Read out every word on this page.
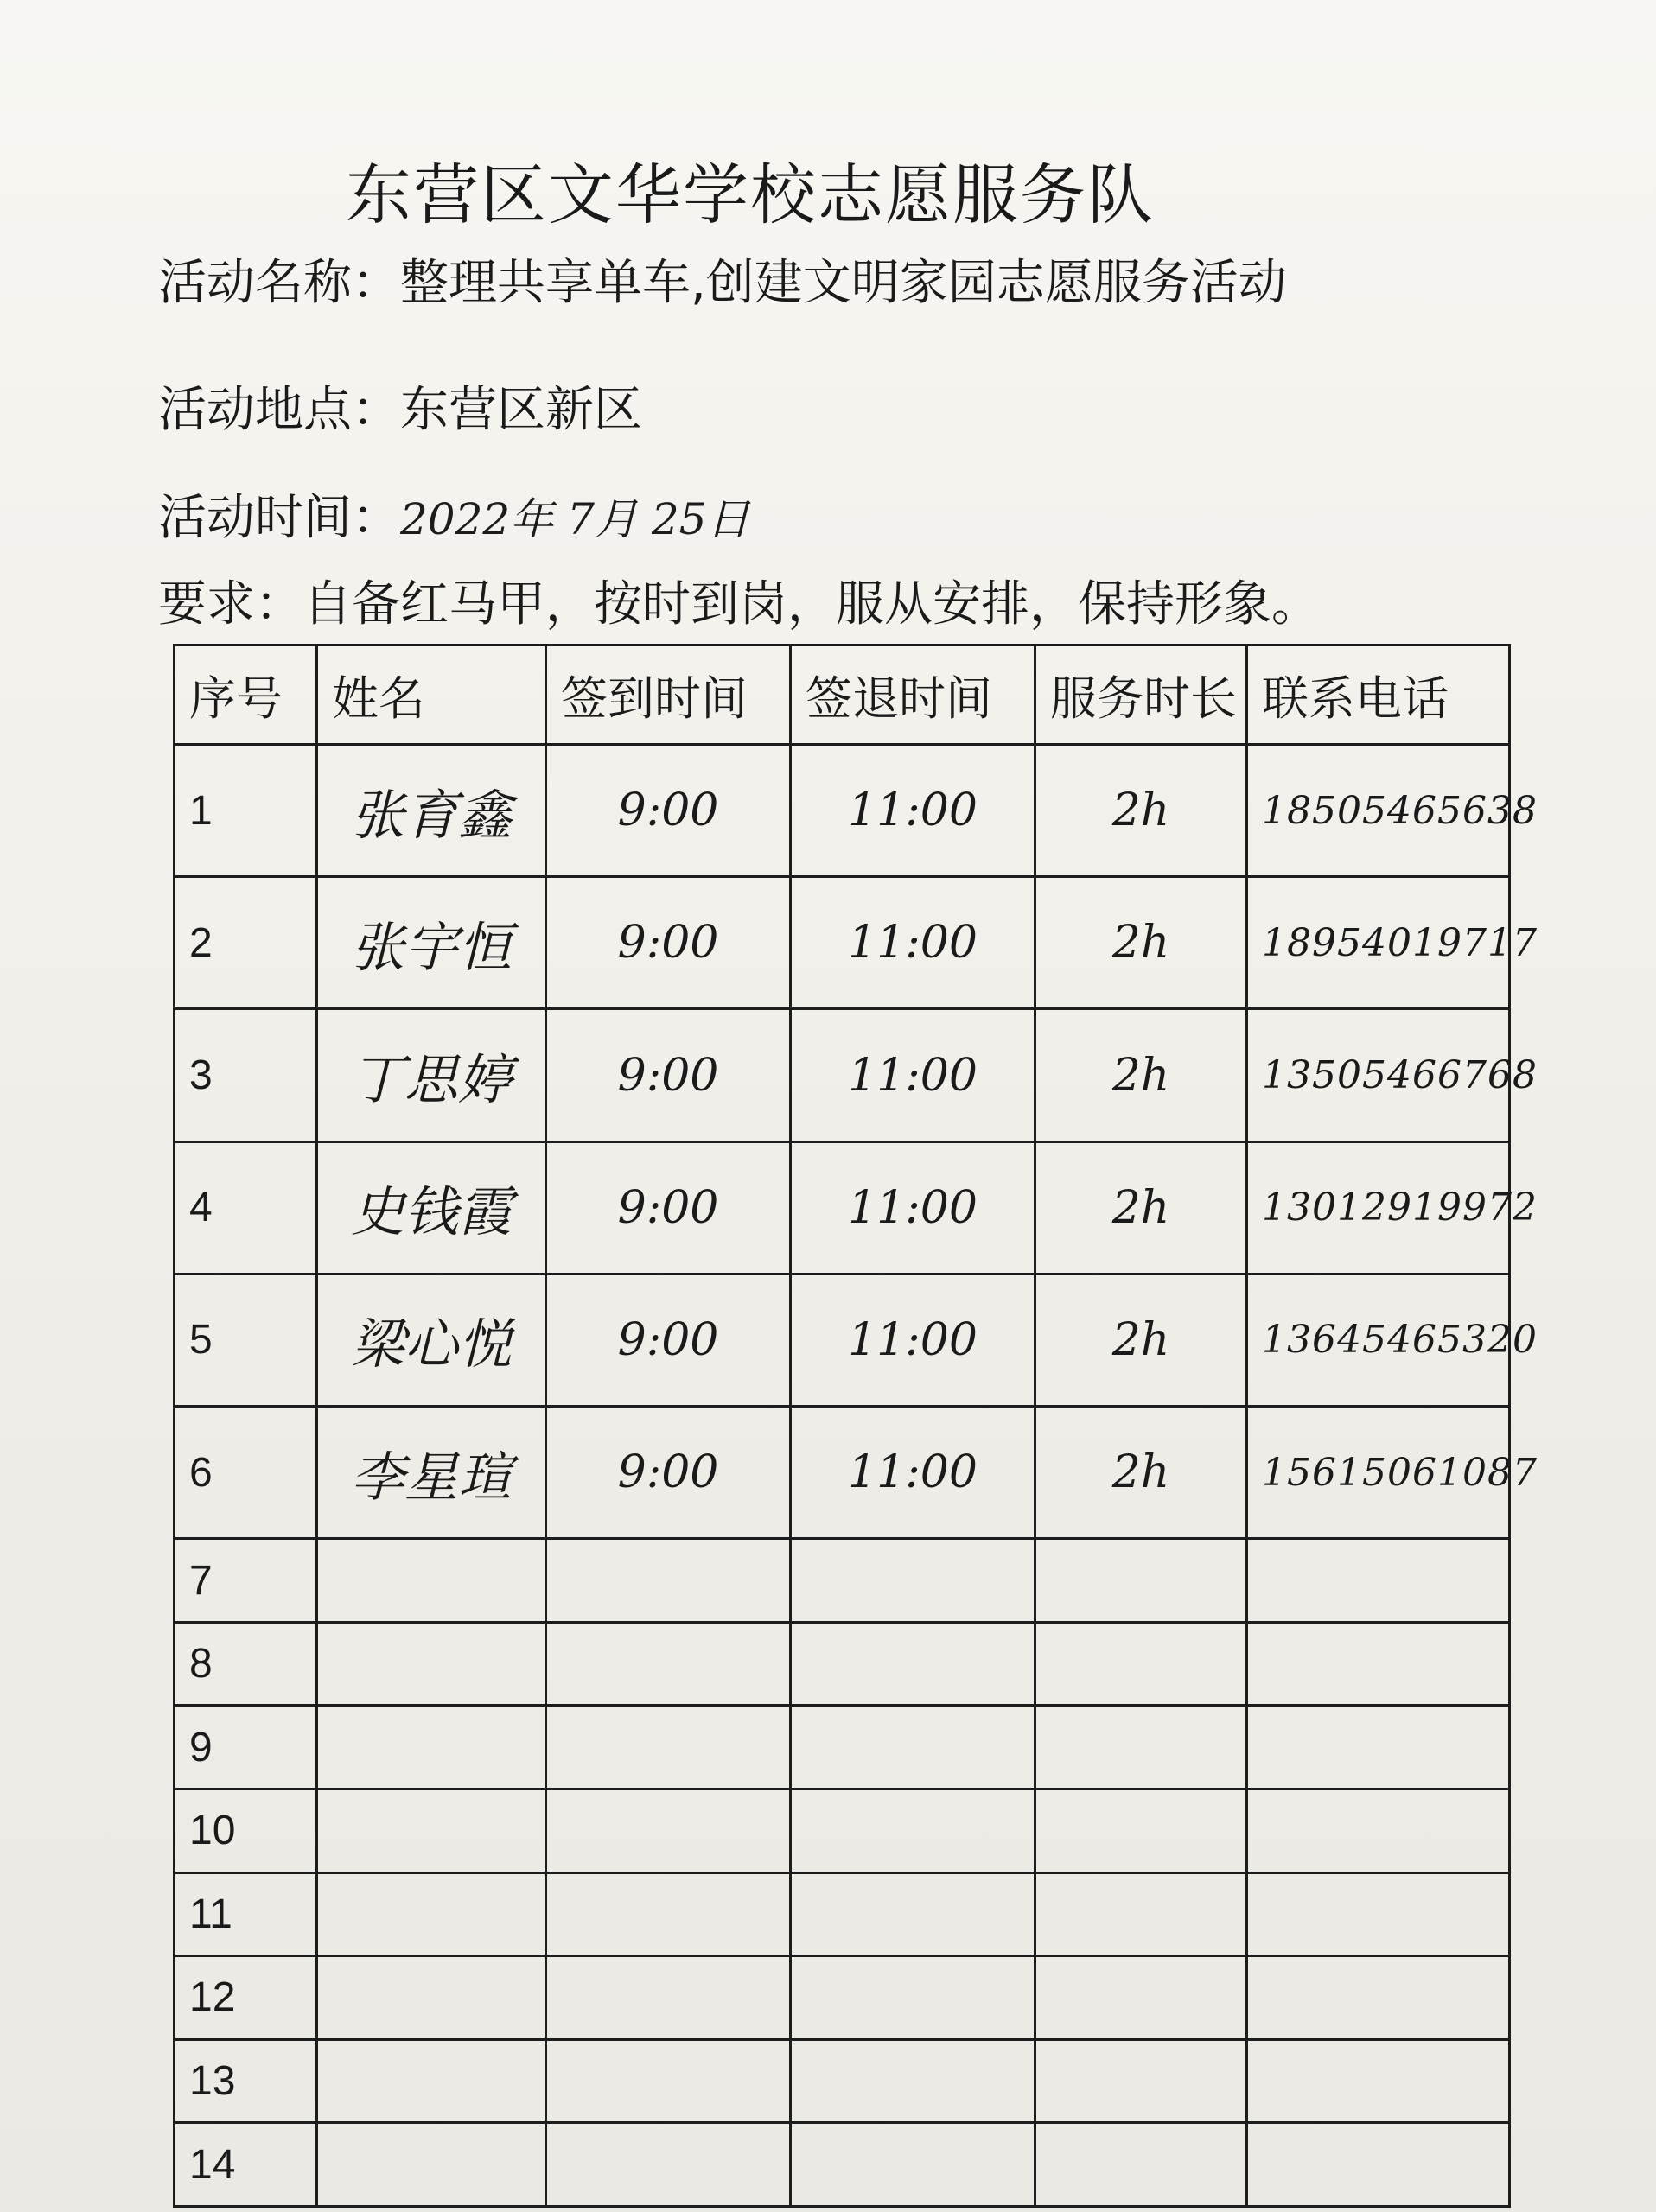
东营区文华学校志愿服务队
活动名称：整理共享单车,创建文明家园志愿服务活动
活动地点：东营区新区
活动时间：2022年 7月 25日
要求：自备红马甲，按时到岗，服从安排，保持形象。
序号	姓名	签到时间	签退时间	服务时长	联系电话
1	张育鑫	9:00	11:00	2h	18505465638
2	张宇恒	9:00	11:00	2h	18954019717
3	丁思婷	9:00	11:00	2h	13505466768
4	史钱霞	9:00	11:00	2h	13012919972
5	梁心悦	9:00	11:00	2h	13645465320
6	李星瑄	9:00	11:00	2h	15615061087
7					
8					
9					
10					
11					
12					
13					
14					
